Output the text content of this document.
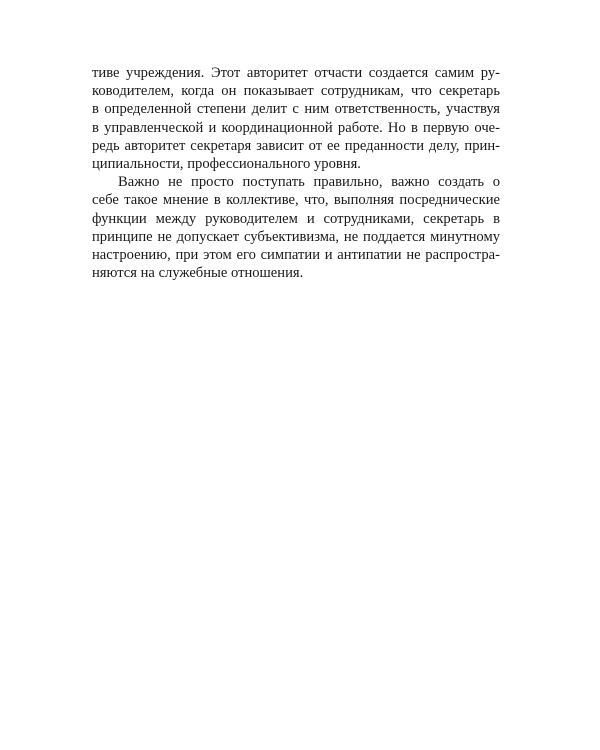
тиве учреждения. Этот авторитет отчасти создается самим ру-
ководителем, когда он показывает сотрудникам, что секретарь
в определенной степени делит с ним ответственность, участвуя
в управленческой и координационной работе. Но в первую оче-
редь авторитет секретаря зависит от ее преданности делу, прин-
ципиальности, профессионального уровня.
Важно не просто поступать правильно, важно создать о
себе такое мнение в коллективе, что, выполняя посреднические
функции между руководителем и сотрудниками, секретарь в
принципе не допускает субъективизма, не поддается минутному
настроению, при этом его симпатии и антипатии не распростра-
няются на служебные отношения.
